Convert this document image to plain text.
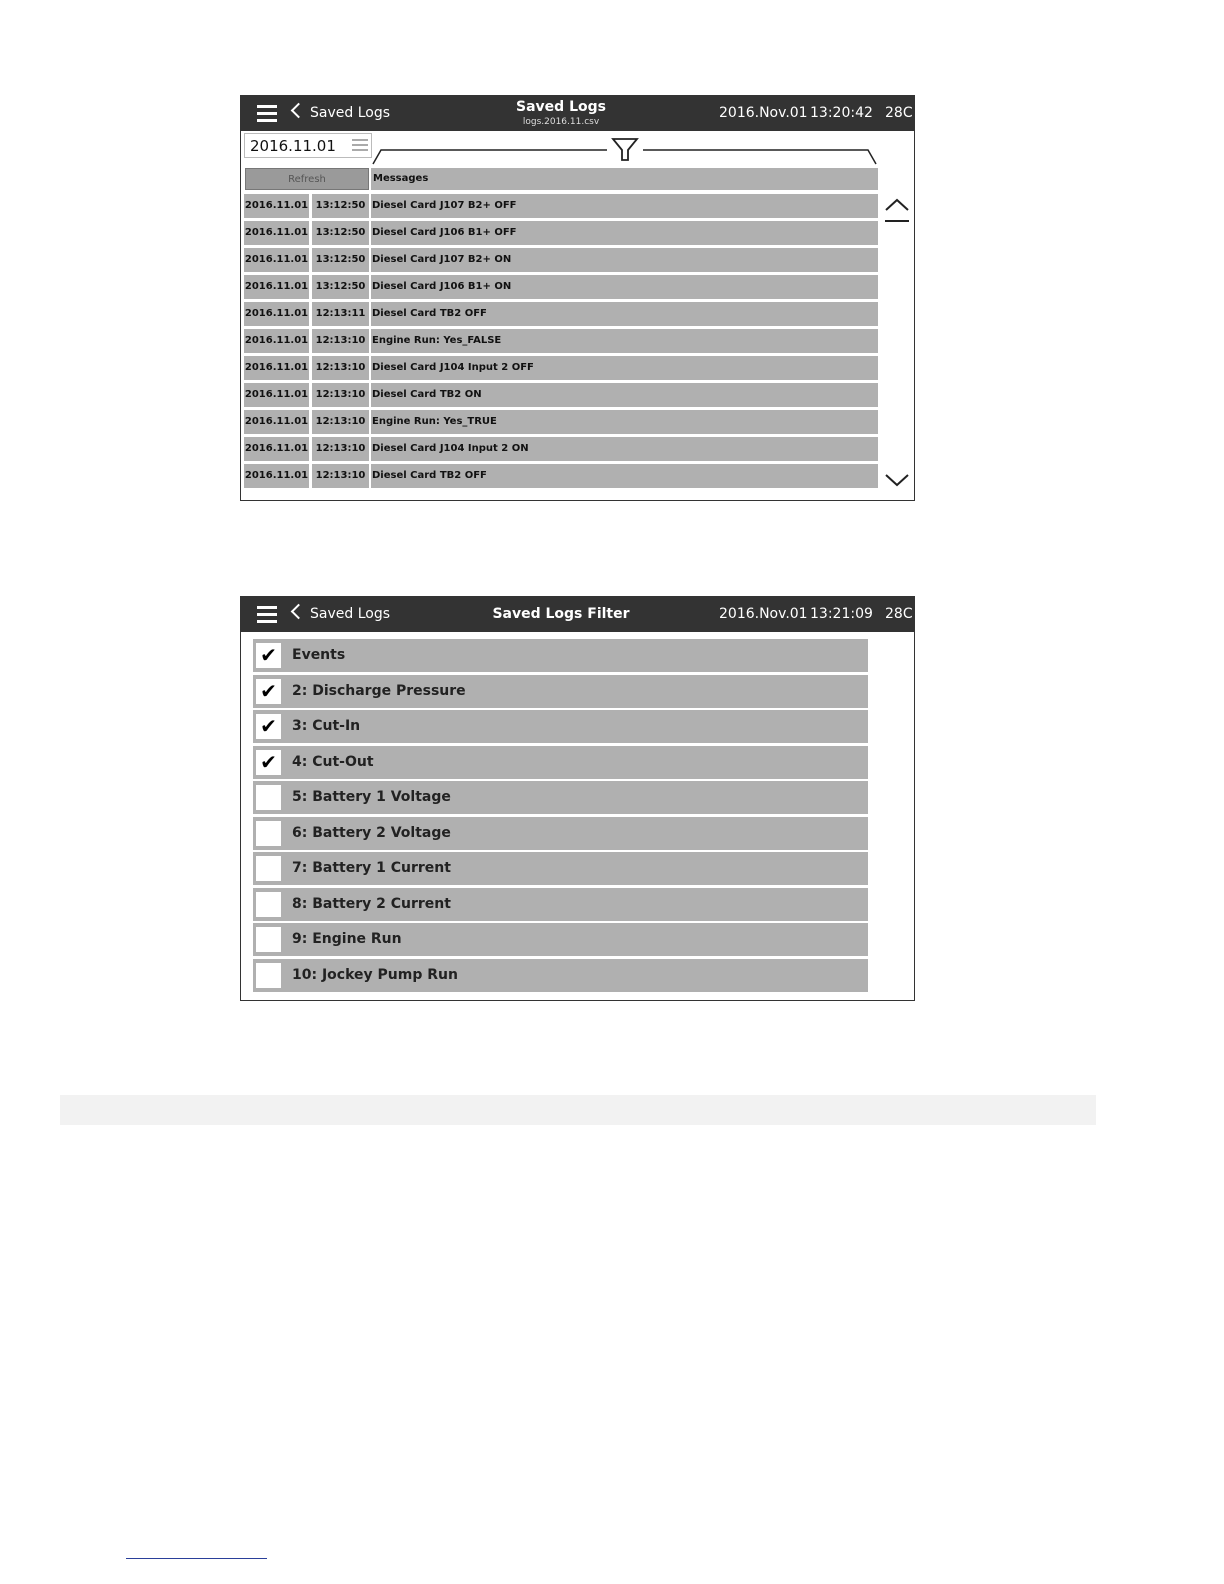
Saved Logs	Saved Logs
logs.2016.11.csv
2016.Nov.01 13:20:42 28C
2016.11.01
Refresh	Messages
2016.11.01 13:12:50 Diesel Card J107 B2+ OFF
2016.11.01 13:12:50 Diesel Card J106 B1+ OFF
2016.11.01 13:12:50 Diesel Card J107 B2+ ON
2016.11.01 13:12:50 Diesel Card J106 B1+ ON
2016.11.01 12:13:11 Diesel Card TB2 OFF
2016.11.01 12:13:10 Engine Run: Yes_FALSE
2016.11.01 12:13:10 Diesel Card J104 Input 2 OFF
2016.11.01 12:13:10 Diesel Card TB2 ON
2016.11.01 12:13:10 Engine Run: Yes_TRUE
2016.11.01 12:13:10 Diesel Card J104 Input 2 ON
2016.11.01 12:13:10 Diesel Card TB2 OFF
Saved Logs	Saved Logs Filter	2016.Nov.01 13:21:09 28C
✔ Events
✔ 2: Discharge Pressure
✔ 3: Cut-In
✔ 4: Cut-Out
5: Battery 1 Voltage
6: Battery 2 Voltage
7: Battery 1 Current
8: Battery 2 Current
9: Engine Run
10: Jockey Pump Run
